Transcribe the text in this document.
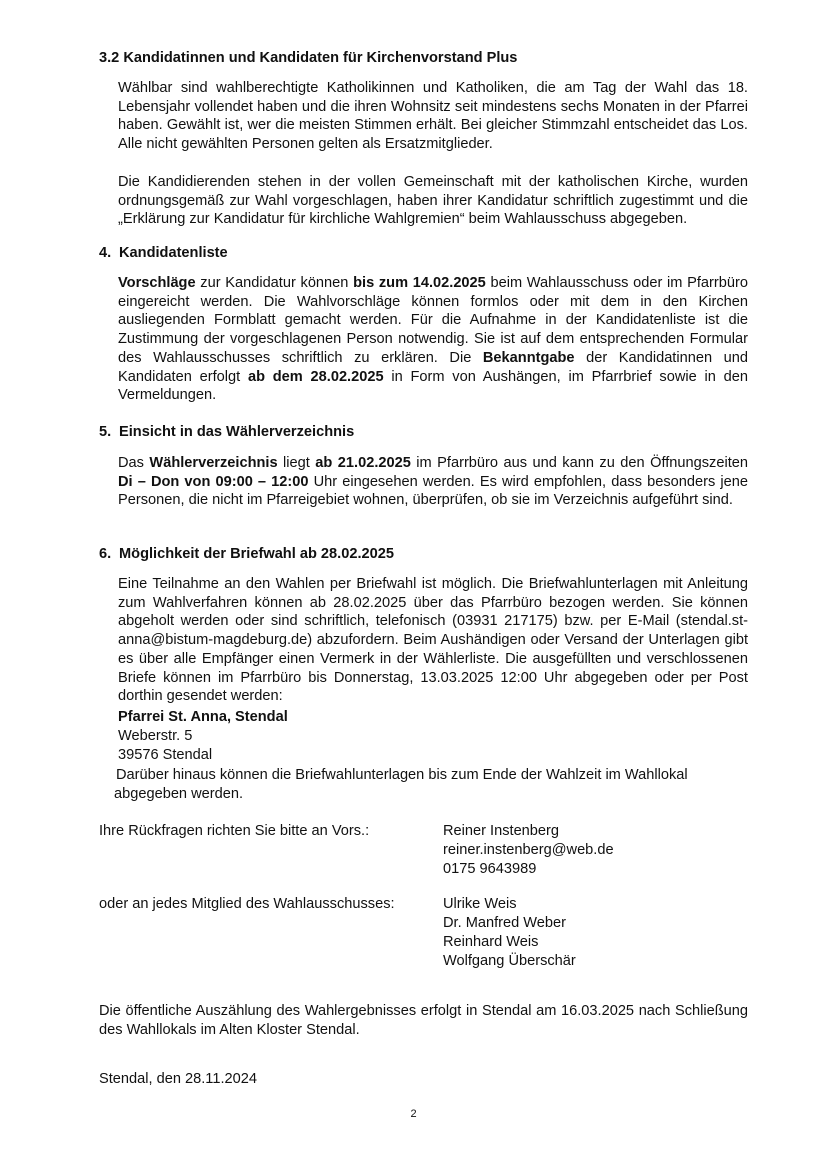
3.2 Kandidatinnen und Kandidaten für Kirchenvorstand Plus

Wählbar sind wahlberechtigte Katholikinnen und Katholiken, die am Tag der Wahl das 18. Lebensjahr vollendet haben und die ihren Wohnsitz seit mindestens sechs Monaten in der Pfarrei haben. Gewählt ist, wer die meisten Stimmen erhält. Bei gleicher Stimmzahl entscheidet das Los. Alle nicht gewählten Personen gelten als Ersatzmitglieder.

Die Kandidierenden stehen in der vollen Gemeinschaft mit der katholischen Kirche, wurden ordnungsgemäß zur Wahl vorgeschlagen, haben ihrer Kandidatur schriftlich zugestimmt und die „Erklärung zur Kandidatur für kirchliche Wahlgremien“ beim Wahlausschuss abgegeben.

4. Kandidatenliste

Vorschläge zur Kandidatur können bis zum 14.02.2025 beim Wahlausschuss oder im Pfarrbüro eingereicht werden. Die Wahlvorschläge können formlos oder mit dem in den Kirchen ausliegenden Formblatt gemacht werden. Für die Aufnahme in der Kandidatenliste ist die Zustimmung der vorgeschlagenen Person notwendig. Sie ist auf dem entsprechenden Formular des Wahlausschusses schriftlich zu erklären. Die Bekanntgabe der Kandidatinnen und Kandidaten erfolgt ab dem 28.02.2025 in Form von Aushängen, im Pfarrbrief sowie in den Vermeldungen.

5. Einsicht in das Wählerverzeichnis

Das Wählerverzeichnis liegt ab 21.02.2025 im Pfarrbüro aus und kann zu den Öffnungszeiten Di – Don von 09:00 – 12:00 Uhr eingesehen werden. Es wird empfohlen, dass besonders jene Personen, die nicht im Pfarreigebiet wohnen, überprüfen, ob sie im Verzeichnis aufgeführt sind.

6. Möglichkeit der Briefwahl ab 28.02.2025

Eine Teilnahme an den Wahlen per Briefwahl ist möglich. Die Briefwahlunterlagen mit Anleitung zum Wahlverfahren können ab 28.02.2025 über das Pfarrbüro bezogen werden. Sie können abgeholt werden oder sind schriftlich, telefonisch (03931 217175) bzw. per E-Mail (stendal.st-anna@bistum-magdeburg.de) abzufordern. Beim Aushändigen oder Versand der Unterlagen gibt es über alle Empfänger einen Vermerk in der Wählerliste. Die ausgefüllten und verschlossenen Briefe können im Pfarrbüro bis Donnerstag, 13.03.2025 12:00 Uhr abgegeben oder per Post dorthin gesendet werden:

Pfarrei St. Anna, Stendal

Weberstr. 5

39576 Stendal

Darüber hinaus können die Briefwahlunterlagen bis zum Ende der Wahlzeit im Wahllokal

abgegeben werden.

Ihre Rückfragen richten Sie bitte an Vors.:	Reiner Instenberg

reiner.instenberg@web.de

0175 9643989

oder an jedes Mitglied des Wahlausschusses:	Ulrike Weis

Dr. Manfred Weber

Reinhard Weis

Wolfgang Überschär

Die öffentliche Auszählung des Wahlergebnisses erfolgt in Stendal am 16.03.2025 nach Schließung des Wahllokals im Alten Kloster Stendal.

Stendal, den 28.11.2024

2
